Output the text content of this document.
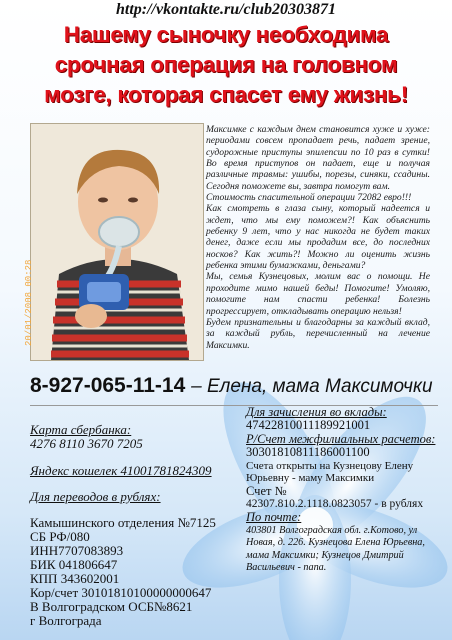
http://vkontakte.ru/club20303871
Нашему сыночку необходима
срочная операция на головном
мозге, которая спасет ему жизнь!
20/01/2008 00:28

Максимке с каждым днем становится хуже и хуже: периодами совсем пропадает речь, падает зрение, судорожные приступы эпилепсии по 10 раз в сутки! Во время приступов он падает, еще и получая различные травмы: ушибы, порезы, синяки, ссадины. Сегодня поможете вы, завтра помогут вам.

Стоимость спасительной операции 72082 евро!!!

Как смотреть в глаза сыну, который надеется и ждет, что мы ему поможем?! Как объяснить ребенку 9 лет, что у нас никогда не будет таких денег, даже если мы продадим все, до последних носков? Как жить?! Можно ли оценить жизнь ребенка этими бумажками, деньгами?

Мы, семья Кузнецовых, молим вас о помощи. Не проходите мимо нашей беды! Помогите! Умоляю, помогите нам спасти ребенка! Болезнь прогрессирует, откладывать операцию нельзя!

Будем признательны и благодарны за каждый вклад, за каждый рубль, перечисленный на лечение Максимки.

8-927-065-11-14 – Елена, мама Максимочки
Карта сбербанка:
4276 8110 3670 7205
Яндекс кошелек 41001781824309
Для переводов в рублях:
Камышинского отделения №7125
СБ РФ/080
ИНН7707083893
БИК 041806647
КПП 343602001
Кор/счет 30101810100000000647
В Волгоградском ОСБ№8621
г Волгограда
Для зачисления во вклады:
47422810011189921001
Р/Счет межфилиальных расчетов:
30301810811186001100
Счета открыты на Кузнецову Елену Юрьевну - маму Максимки
Счет №
42307.810.2.1118.0823057 - в рублях
По почте:
403801 Волгоградская обл. г.Котово, ул Новая, д. 226. Кузнецова Елена Юрьевна, мама Максимки; Кузнецов Дмитрий Васильевич - папа.
